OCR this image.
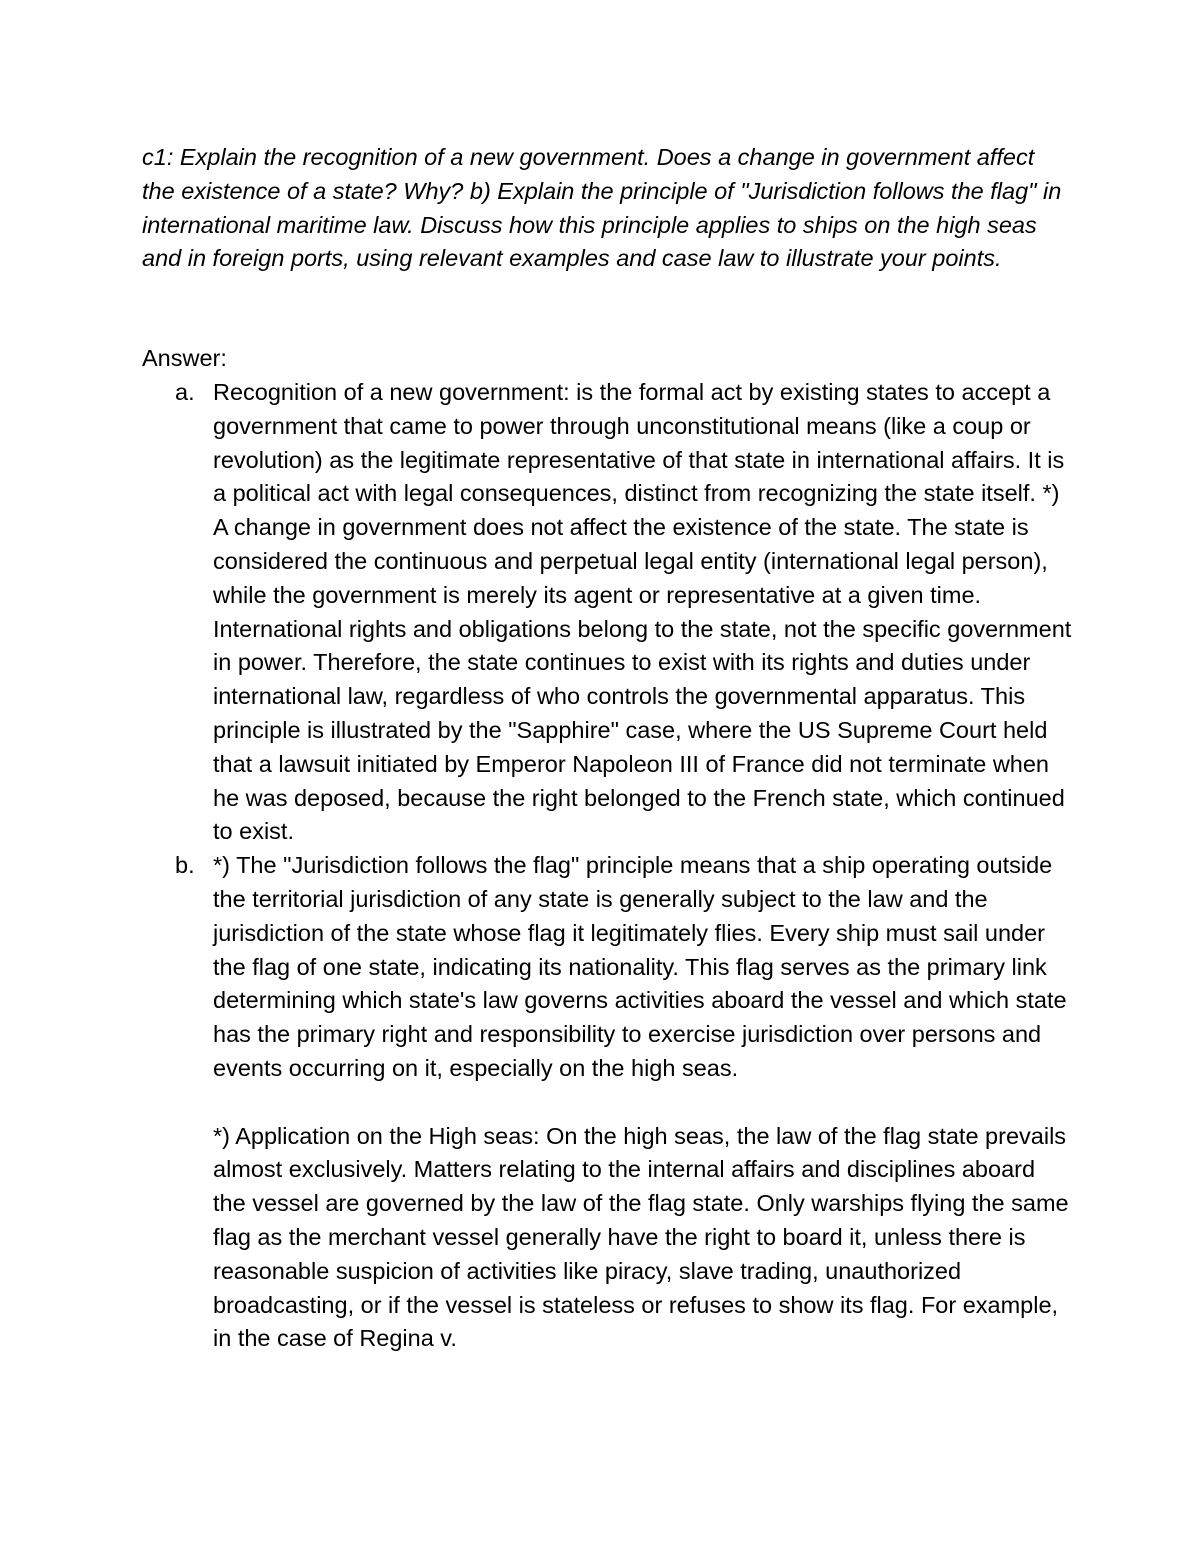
c1: Explain the recognition of a new government. Does a change in government affect the existence of a state? Why? b) Explain the principle of "Jurisdiction follows the flag" in international maritime law. Discuss how this principle applies to ships on the high seas and in foreign ports, using relevant examples and case law to illustrate your points.

Answer:

a. Recognition of a new government: is the formal act by existing states to accept a government that came to power through unconstitutional means (like a coup or revolution) as the legitimate representative of that state in international affairs. It is a political act with legal consequences, distinct from recognizing the state itself. *) A change in government does not affect the existence of the state. The state is considered the continuous and perpetual legal entity (international legal person), while the government is merely its agent or representative at a given time. International rights and obligations belong to the state, not the specific government in power. Therefore, the state continues to exist with its rights and duties under international law, regardless of who controls the governmental apparatus. This principle is illustrated by the "Sapphire" case, where the US Supreme Court held that a lawsuit initiated by Emperor Napoleon III of France did not terminate when he was deposed, because the right belonged to the French state, which continued to exist.

b. *) The "Jurisdiction follows the flag" principle means that a ship operating outside the territorial jurisdiction of any state is generally subject to the law and the jurisdiction of the state whose flag it legitimately flies. Every ship must sail under the flag of one state, indicating its nationality. This flag serves as the primary link determining which state's law governs activities aboard the vessel and which state has the primary right and responsibility to exercise jurisdiction over persons and events occurring on it, especially on the high seas.

*) Application on the High seas: On the high seas, the law of the flag state prevails almost exclusively. Matters relating to the internal affairs and disciplines aboard the vessel are governed by the law of the flag state. Only warships flying the same flag as the merchant vessel generally have the right to board it, unless there is reasonable suspicion of activities like piracy, slave trading, unauthorized broadcasting, or if the vessel is stateless or refuses to show its flag. For example, in the case of Regina v.
